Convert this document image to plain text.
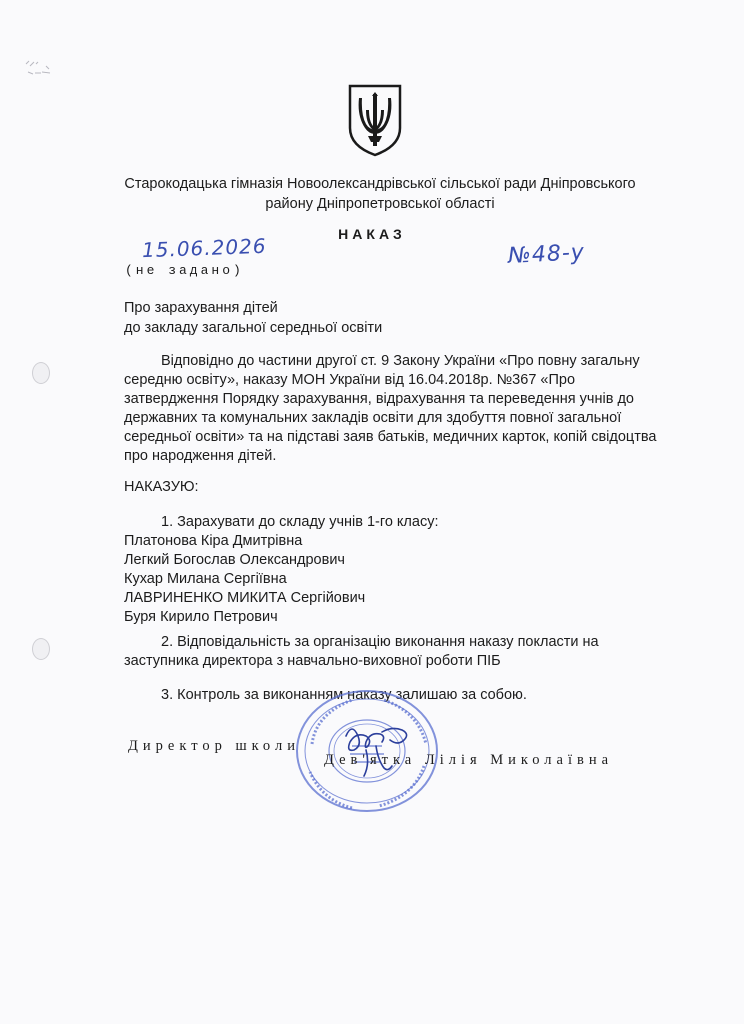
Старокодацька гімназія Новоолександрівської сільської ради Дніпровського
району Дніпропетровської області
НАКАЗ
15.06.2026	№48-у
(не задано)
Про зарахування дітей
до закладу загальної середньої освіти
Відповідно до частини другої ст. 9 Закону України «Про повну загальну
середню освіту», наказу МОН України від 16.04.2018р. №367 «Про
затвердження Порядку зарахування, відрахування та переведення учнів до
державних та комунальних закладів освіти для здобуття повної загальної
середньої освіти» та на підставі заяв батьків, медичних карток, копій свідоцтва
про народження дітей.
НАКАЗУЮ:
1. Зарахувати до складу учнів 1-го класу:
Платонова Кіра Дмитрівна
Легкий Богослав Олександрович
Кухар Милана Сергіївна
ЛАВРИНЕНКО МИКИТА Сергійович
Буря Кирило Петрович
2. Відповідальність за організацію виконання наказу покласти на
заступника директора з навчально-виховної роботи ПІБ
3. Контроль за виконанням наказу залишаю за собою.
Директор школи
Дев'ятка Лілія Миколаївна
